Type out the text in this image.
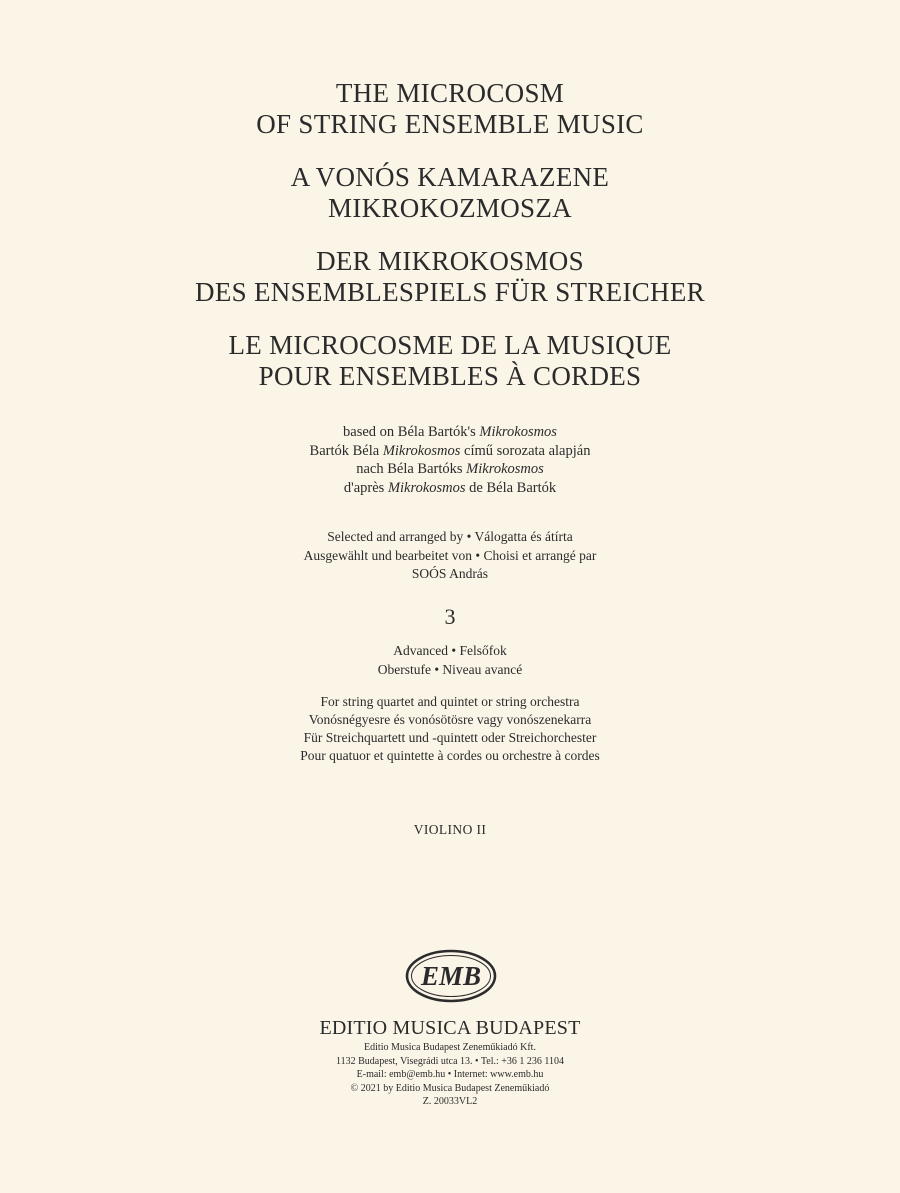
THE MICROCOSM
OF STRING ENSEMBLE MUSIC
A VONÓS KAMARAZENE
MIKROKOZMOSZA
DER MIKROKOSMOS
DES ENSEMBLESPIELS FÜR STREICHER
LE MICROCOSME DE LA MUSIQUE
POUR ENSEMBLES À CORDES
based on Béla Bartók's Mikrokosmos
Bartók Béla Mikrokosmos című sorozata alapján
nach Béla Bartóks Mikrokosmos
d'après Mikrokosmos de Béla Bartók
Selected and arranged by • Válogatta és átírta
Ausgewählt und bearbeitet von • Choisi et arrangé par
SOÓS András
3
Advanced • Felsőfok
Oberstufe • Niveau avancé
For string quartet and quintet or string orchestra
Vonósnégyesre és vonósötösre vagy vonószenekarra
Für Streichquartett und -quintett oder Streichorchester
Pour quatuor et quintette à cordes ou orchestre à cordes
VIOLINO II
EMB
EDITIO MUSICA BUDAPEST
Editio Musica Budapest Zeneműkiadó Kft.
1132 Budapest, Visegrádi utca 13. • Tel.: +36 1 236 1104
E-mail: emb@emb.hu • Internet: www.emb.hu
© 2021 by Editio Musica Budapest Zeneműkiadó
Z. 20033VL2
